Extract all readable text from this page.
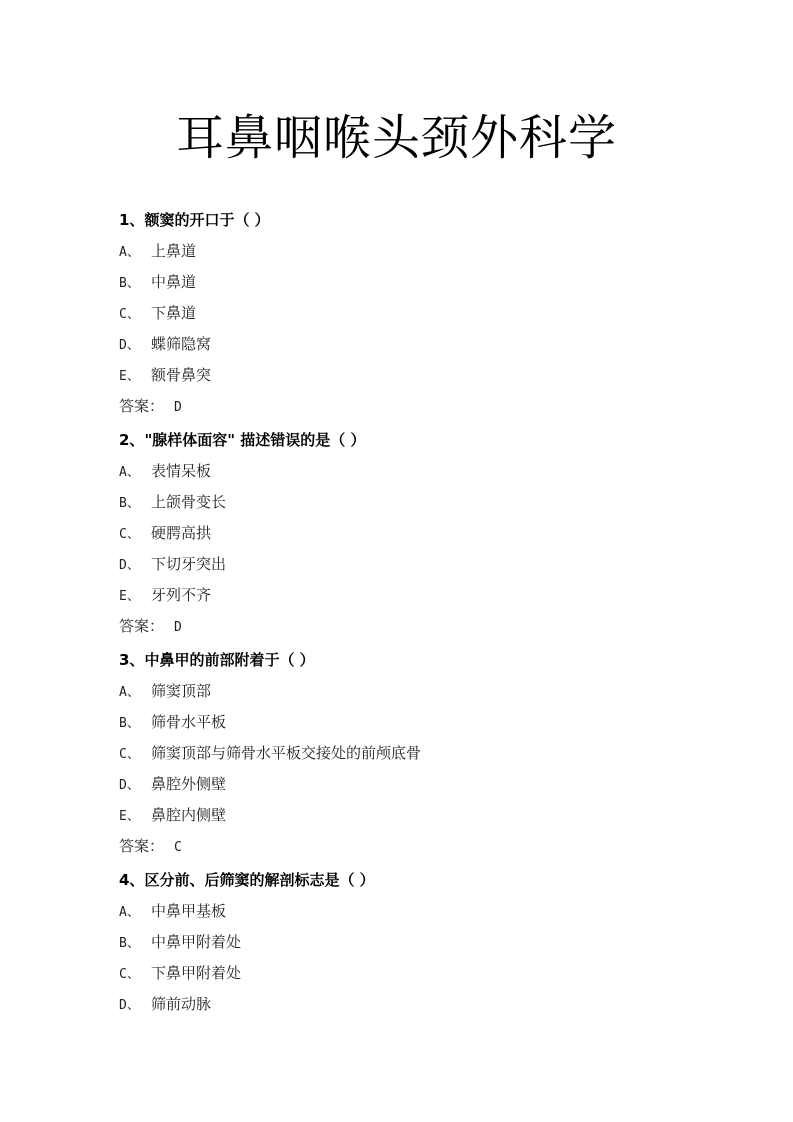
耳鼻咽喉头颈外科学
1、额窦的开口于（ ）
A、 上鼻道
B、 中鼻道
C、 下鼻道
D、 蝶筛隐窝
E、 额骨鼻突
答案： D
2、"腺样体面容" 描述错误的是（ ）
A、 表情呆板
B、 上颌骨变长
C、 硬腭高拱
D、 下切牙突出
E、 牙列不齐
答案： D
3、中鼻甲的前部附着于（ ）
A、 筛窦顶部
B、 筛骨水平板
C、 筛窦顶部与筛骨水平板交接处的前颅底骨
D、 鼻腔外侧壁
E、 鼻腔内侧壁
答案： C
4、区分前、后筛窦的解剖标志是（ ）
A、 中鼻甲基板
B、 中鼻甲附着处
C、 下鼻甲附着处
D、 筛前动脉
